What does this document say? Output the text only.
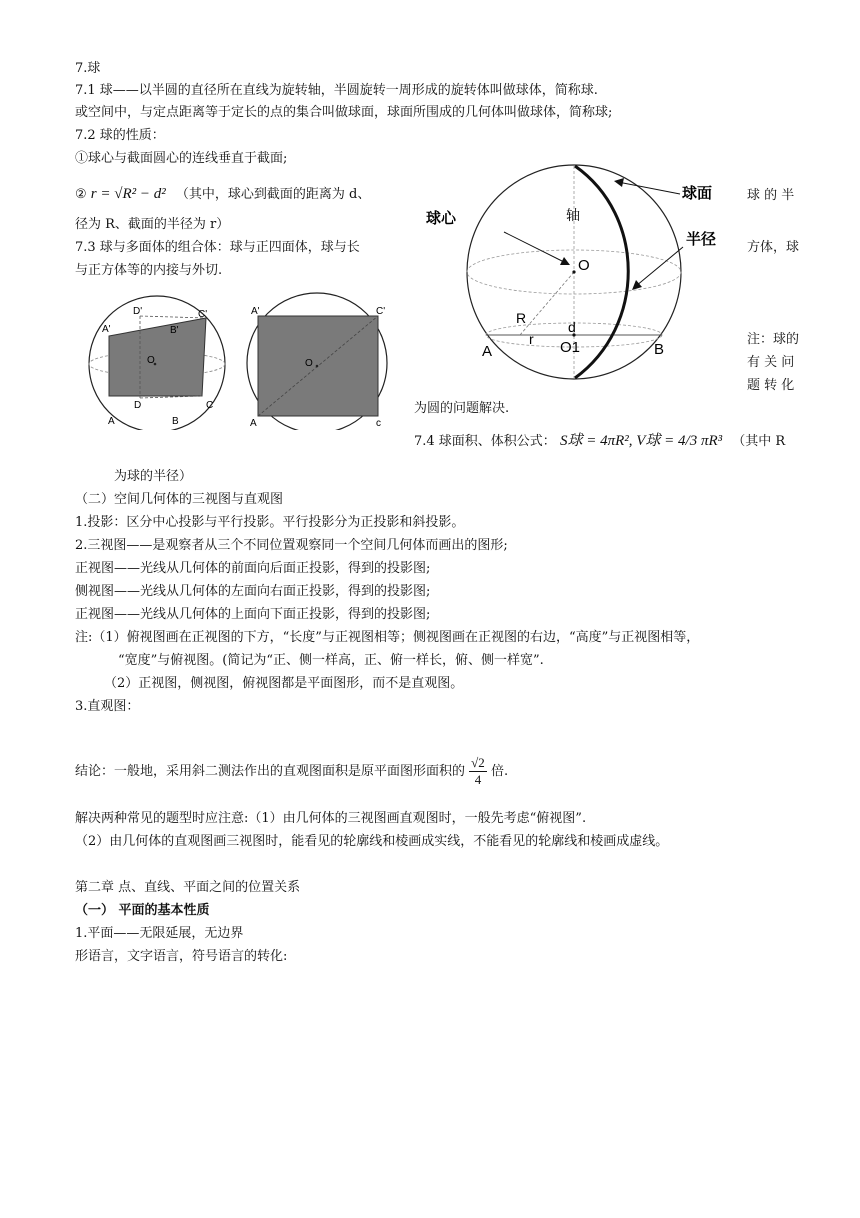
7.球
7.1 球——以半圆的直径所在直线为旋转轴，半圆旋转一周形成的旋转体叫做球体，简称球.
或空间中，与定点距离等于定长的点的集合叫做球面，球面所围成的几何体叫做球体，简称球;
7.2 球的性质：
①球心与截面圆心的连线垂直于截面;
② r = √R² − d² （其中，球心到截面的距离为 d、
径为 R、截面的半径为 r）
7.3 球与多面体的组合体：球与正四面体，球与长
与正方体等的内接与外切.
球 的 半
方体，球
注：球的
有 关 问
题 转 化
为圆的问题解决.
7.4 球面积、体积公式： S球 = 4πR², V球 = 4/3 πR³ （其中 R
为球的半径）
（二）空间几何体的三视图与直观图
1.投影：区分中心投影与平行投影。平行投影分为正投影和斜投影。
2.三视图——是观察者从三个不同位置观察同一个空间几何体而画出的图形;
正视图——光线从几何体的前面向后面正投影，得到的投影图;
侧视图——光线从几何体的左面向右面正投影，得到的投影图;
正视图——光线从几何体的上面向下面正投影，得到的投影图;
注:（1）俯视图画在正视图的下方，“长度”与正视图相等；侧视图画在正视图的右边，“高度”与正视图相等，
“宽度”与俯视图。(简记为“正、侧一样高，正、俯一样长，俯、侧一样宽”.
（2）正视图，侧视图，俯视图都是平面图形，而不是直观图。
3.直观图：
结论：一般地，采用斜二测法作出的直观图面积是原平面图形面积的 $\frac{√2}{4}$ 倍.
解决两种常见的题型时应注意:（1）由几何体的三视图画直观图时，一般先考虑“俯视图”.
（2）由几何体的直观图画三视图时，能看见的轮廓线和棱画成实线，不能看见的轮廓线和棱画成虚线。
第二章 点、直线、平面之间的位置关系
（一） 平面的基本性质
1.平面——无限延展，无边界
形语言，文字语言，符号语言的转化:
A'
D'	C'
B'
O
D	C
A	B
A'	C'
O
A	c
球面
轴
球心
半径
O
R
d
r O1
A	B
